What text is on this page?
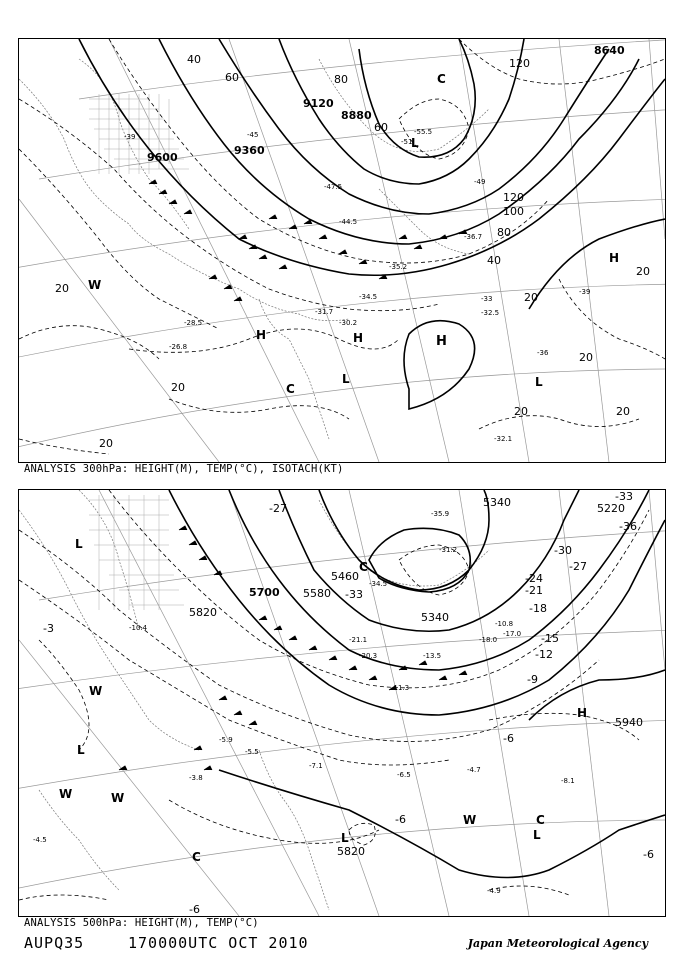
9600
9360
9120
8880
8640
40
60	80
100
120
120
40
60
80
20
20
20
20
20
20	20
20
-39	-45
-47.5
-44.5
-36.7
-55.5
-51
-49
-35.2
-34.5
-32.5
-33
-39
-36
-30.2
-31.7
-28.5
-26.8
-32.1
H	H
H
L
L	L
C
C
W
H
ANALYSIS 300hPa: HEIGHT(M), TEMP(°C), ISOTACH(KT)
5700 5580
5460
5340
5820
5940
5820
5340	5220
-33
-36
-30
-27
-24
-21
-18
-15
-12
-9
-6
-6
-6
-6
-3
-27
-33
-35.9
-31.2
-34.5
-21.1
-20.3
-18.0
-17.0
-13.5
-11.3
-10.8
-7.1
-6.5
-5.5
-4.7
-4.5
-4.9
-8.1
-5.9
-3.8
-10.4
L
L
L	L
H
W
W
W
W
C
C
C
ANALYSIS 500hPa: HEIGHT(M), TEMP(°C)
AUPQ35	170000UTC OCT 2010	Japan Meteorological Agency
